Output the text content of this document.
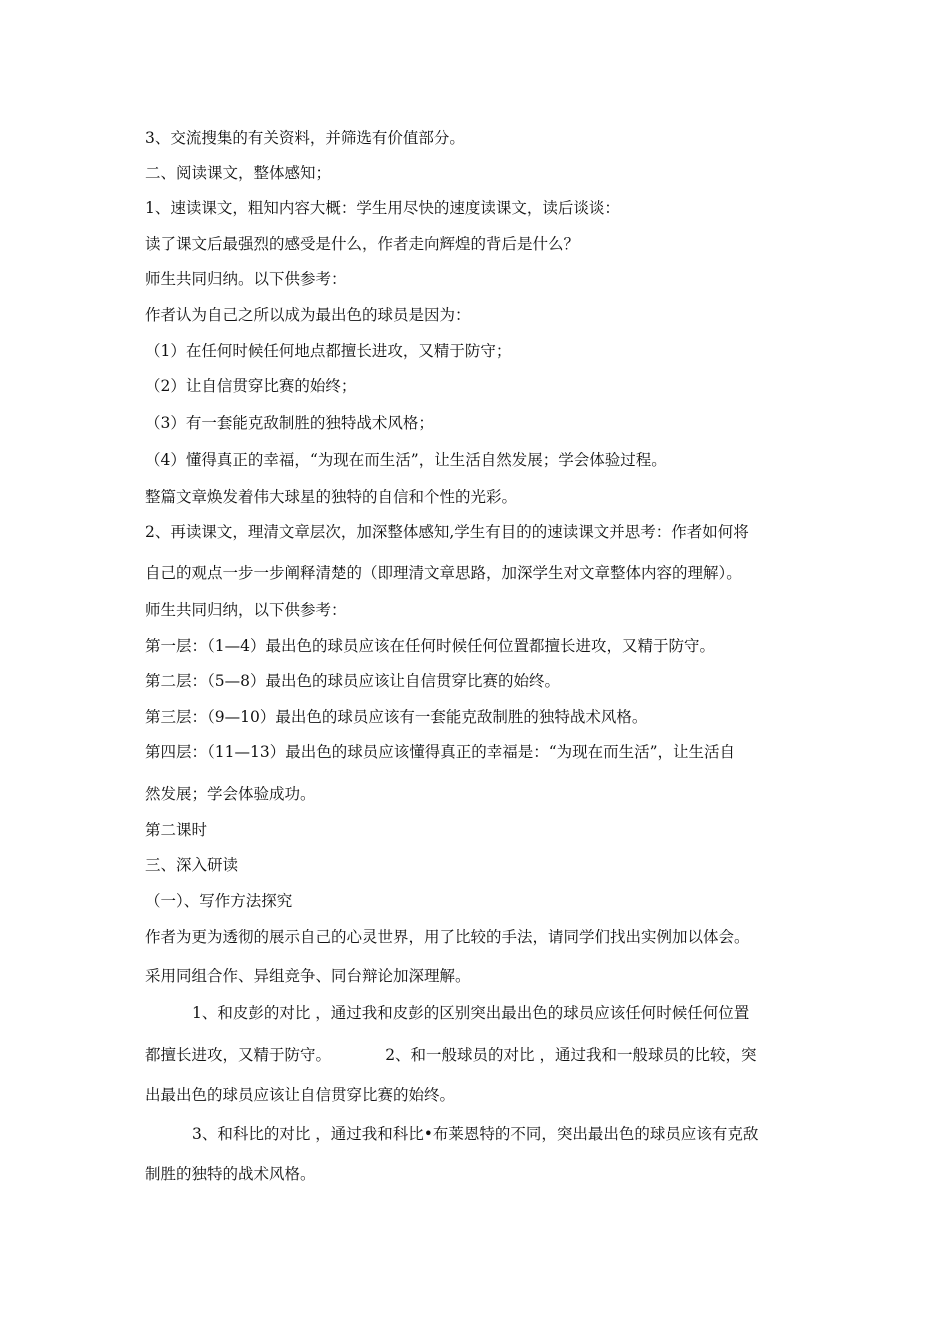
3、交流搜集的有关资料，并筛选有价值部分。
二、阅读课文，整体感知；
1、速读课文，粗知内容大概：学生用尽快的速度读课文，读后谈谈：
读了课文后最强烈的感受是什么，作者走向辉煌的背后是什么？
师生共同归纳。以下供参考：
作者认为自己之所以成为最出色的球员是因为：
（1）在任何时候任何地点都擅长进攻，又精于防守；
（2）让自信贯穿比赛的始终；
（3）有一套能克敌制胜的独特战术风格；
（4）懂得真正的幸福，“为现在而生活”，让生活自然发展；学会体验过程。
整篇文章焕发着伟大球星的独特的自信和个性的光彩。
2、再读课文，理清文章层次，加深整体感知,学生有目的的速读课文并思考：作者如何将
自己的观点一步一步阐释清楚的（即理清文章思路，加深学生对文章整体内容的理解）。
师生共同归纳，以下供参考：
第一层：（1—4）最出色的球员应该在任何时候任何位置都擅长进攻，又精于防守。
第二层：（5—8）最出色的球员应该让自信贯穿比赛的始终。
第三层：（9—10）最出色的球员应该有一套能克敌制胜的独特战术风格。
第四层：（11—13）最出色的球员应该懂得真正的幸福是：“为现在而生活”，让生活自
然发展；学会体验成功。
第二课时
三、深入研读
（一）、写作方法探究
作者为更为透彻的展示自己的心灵世界，用了比较的手法，请同学们找出实例加以体会。
采用同组合作、异组竞争、同台辩论加深理解。
1、和皮彭的对比 ，通过我和皮彭的区别突出最出色的球员应该任何时候任何位置
都擅长进攻，又精于防守。           2、和一般球员的对比 ，通过我和一般球员的比较，突
出最出色的球员应该让自信贯穿比赛的始终。
3、和科比的对比 ，通过我和科比•布莱恩特的不同，突出最出色的球员应该有克敌
制胜的独特的战术风格。
